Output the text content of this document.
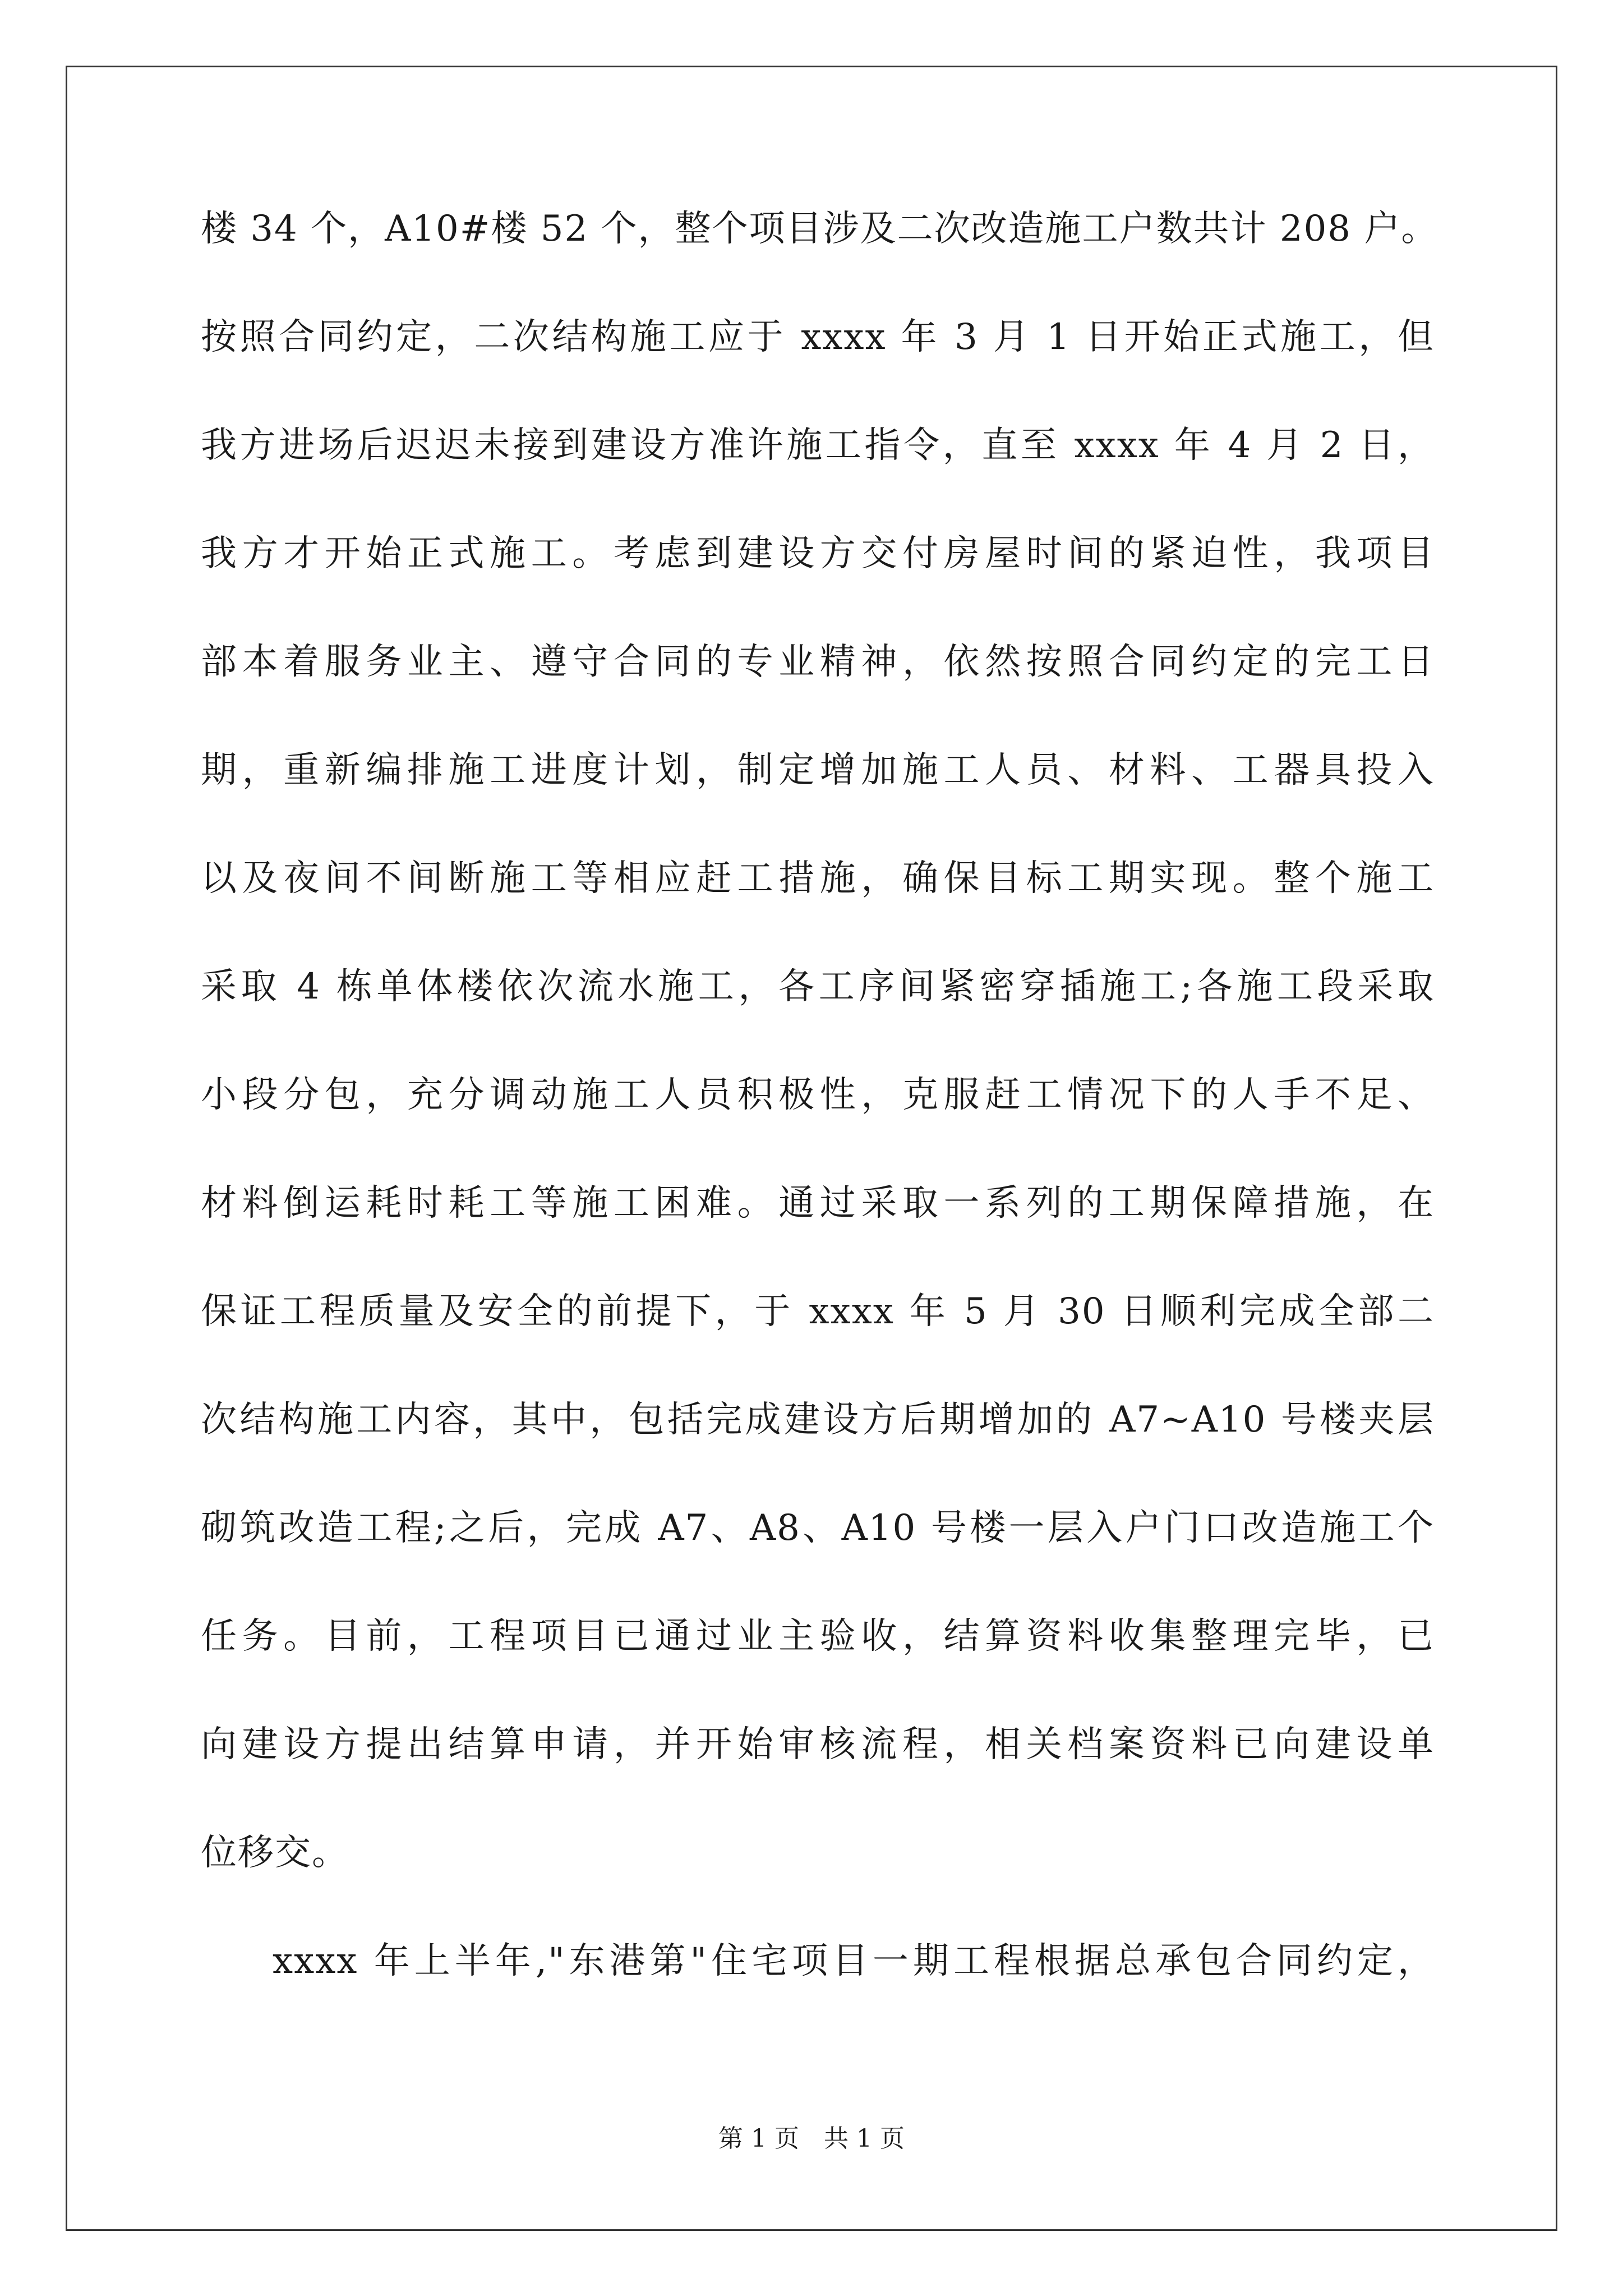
楼 34 个，A10#楼 52 个，整个项目涉及二次改造施工户数共计 208 户。
按照合同约定，二次结构施工应于 xxxx 年 3 月 1 日开始正式施工，但
我方进场后迟迟未接到建设方准许施工指令，直至 xxxx 年 4 月 2 日，
我方才开始正式施工。考虑到建设方交付房屋时间的紧迫性，我项目
部本着服务业主、遵守合同的专业精神，依然按照合同约定的完工日
期，重新编排施工进度计划，制定增加施工人员、材料、工器具投入
以及夜间不间断施工等相应赶工措施，确保目标工期实现。整个施工
采取 4 栋单体楼依次流水施工，各工序间紧密穿插施工;各施工段采取
小段分包，充分调动施工人员积极性，克服赶工情况下的人手不足、
材料倒运耗时耗工等施工困难。通过采取一系列的工期保障措施，在
保证工程质量及安全的前提下，于 xxxx 年 5 月 30 日顺利完成全部二
次结构施工内容，其中，包括完成建设方后期增加的 A7~A10 号楼夹层
砌筑改造工程;之后，完成 A7、A8、A10 号楼一层入户门口改造施工个
任务。目前，工程项目已通过业主验收，结算资料收集整理完毕，已
向建设方提出结算申请，并开始审核流程，相关档案资料已向建设单
位移交。
xxxx 年上半年,"东港第"住宅项目一期工程根据总承包合同约定，
第 1 页 共 1 页
